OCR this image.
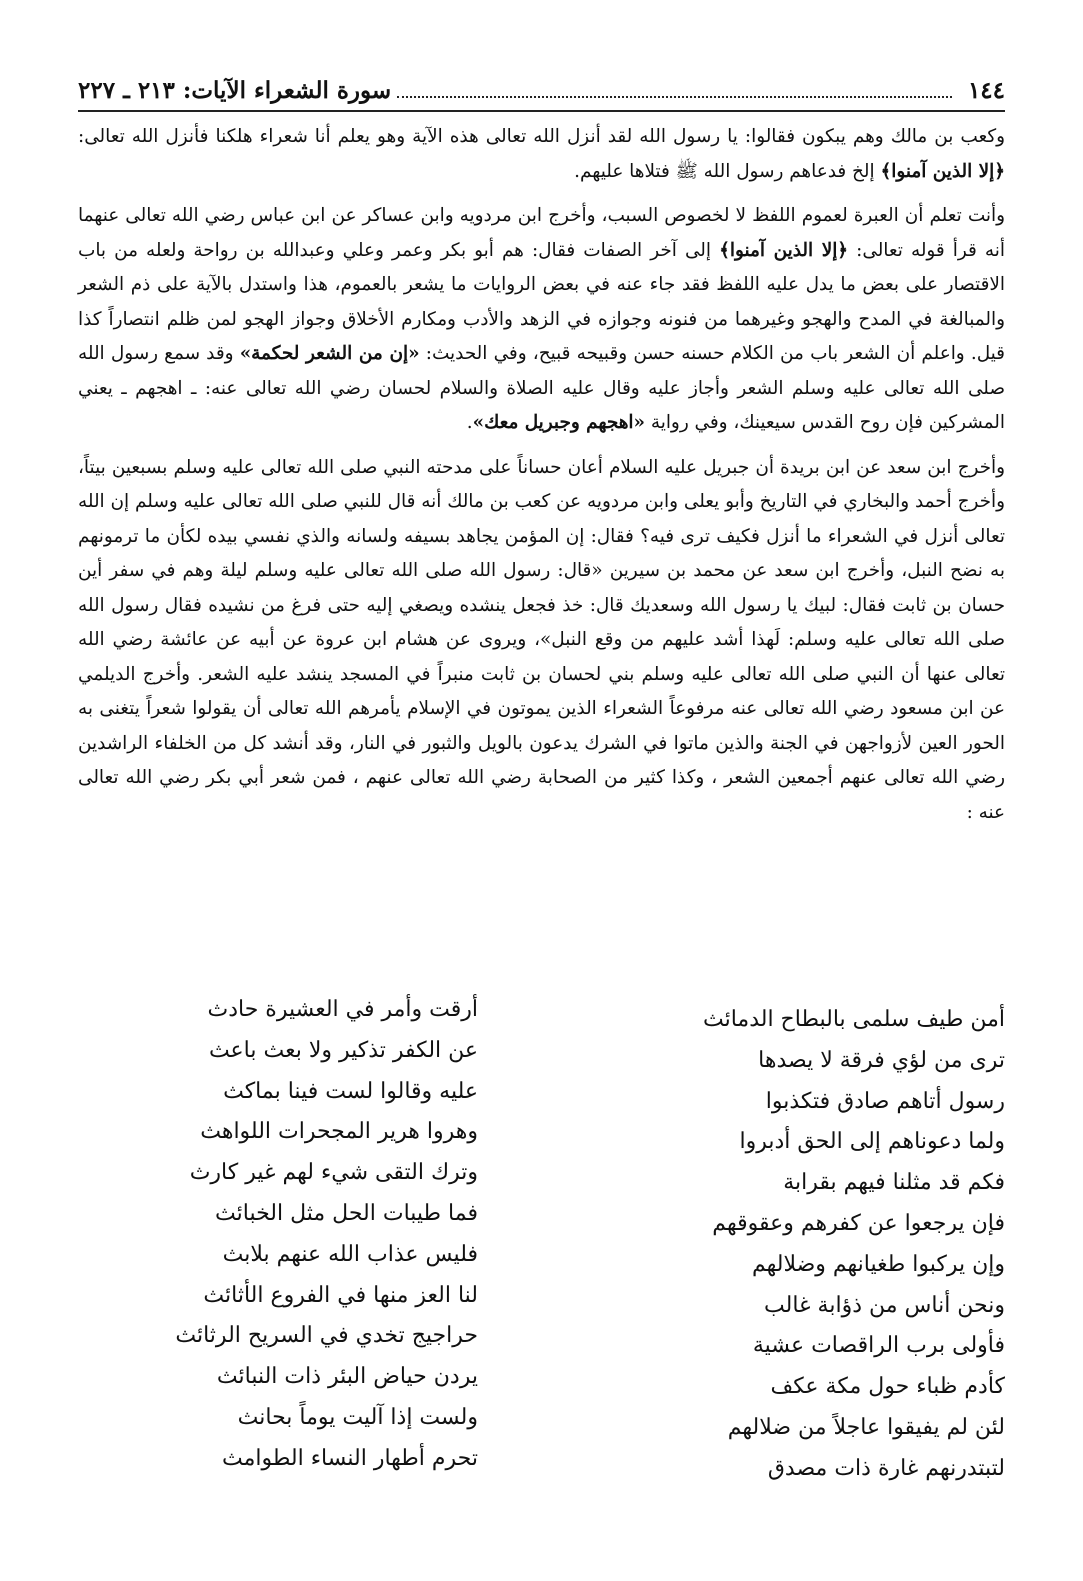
١٤٤
سورة الشعراء الآيات: ٢١٣ ـ ٢٢٧

وكعب بن مالك وهم يبكون فقالوا: يا رسول الله لقد أنزل الله تعالى هذه الآية وهو يعلم أنا شعراء هلكنا فأنزل الله تعالى: ﴿إلا الذين آمنوا﴾ إلخ فدعاهم رسول الله ﷺ فتلاها عليهم.

وأنت تعلم أن العبرة لعموم اللفظ لا لخصوص السبب، وأخرج ابن مردويه وابن عساكر عن ابن عباس رضي الله تعالى عنهما أنه قرأ قوله تعالى: ﴿إلا الذين آمنوا﴾ إلى آخر الصفات فقال: هم أبو بكر وعمر وعلي وعبدالله بن رواحة ولعله من باب الاقتصار على بعض ما يدل عليه اللفظ فقد جاء عنه في بعض الروايات ما يشعر بالعموم، هذا واستدل بالآية على ذم الشعر والمبالغة في المدح والهجو وغيرهما من فنونه وجوازه في الزهد والأدب ومكارم الأخلاق وجواز الهجو لمن ظلم انتصاراً كذا قيل. واعلم أن الشعر باب من الكلام حسنه حسن وقبيحه قبيح، وفي الحديث: «إن من الشعر لحكمة» وقد سمع رسول الله صلى الله تعالى عليه وسلم الشعر وأجاز عليه وقال عليه الصلاة والسلام لحسان رضي الله تعالى عنه: ـ اهجهم ـ يعني المشركين فإن روح القدس سيعينك، وفي رواية «اهجهم وجبريل معك».

وأخرج ابن سعد عن ابن بريدة أن جبريل عليه السلام أعان حساناً على مدحته النبي صلى الله تعالى عليه وسلم بسبعين بيتاً، وأخرج أحمد والبخاري في التاريخ وأبو يعلى وابن مردويه عن كعب بن مالك أنه قال للنبي صلى الله تعالى عليه وسلم إن الله تعالى أنزل في الشعراء ما أنزل فكيف ترى فيه؟ فقال: إن المؤمن يجاهد بسيفه ولسانه والذي نفسي بيده لكأن ما ترمونهم به نضح النبل، وأخرج ابن سعد عن محمد بن سيرين «قال: رسول الله صلى الله تعالى عليه وسلم ليلة وهم في سفر أين حسان بن ثابت فقال: لبيك يا رسول الله وسعديك قال: خذ فجعل ينشده ويصغي إليه حتى فرغ من نشيده فقال رسول الله صلى الله تعالى عليه وسلم: لَهذا أشد عليهم من وقع النبل»، ويروى عن هشام ابن عروة عن أبيه عن عائشة رضي الله تعالى عنها أن النبي صلى الله تعالى عليه وسلم بني لحسان بن ثابت منبراً في المسجد ينشد عليه الشعر. وأخرج الديلمي عن ابن مسعود رضي الله تعالى عنه مرفوعاً الشعراء الذين يموتون في الإسلام يأمرهم الله تعالى أن يقولوا شعراً يتغنى به الحور العين لأزواجهن في الجنة والذين ماتوا في الشرك يدعون بالويل والثبور في النار، وقد أنشد كل من الخلفاء الراشدين رضي الله تعالى عنهم أجمعين الشعر ، وكذا كثير من الصحابة رضي الله تعالى عنهم ، فمن شعر أبي بكر رضي الله تعالى عنه :

أمن طيف سلمى بالبطاح الدمائث
ترى من لؤي فرقة لا يصدها
رسول أتاهم صادق فتكذبوا
ولما دعوناهم إلى الحق أدبروا
فكم قد مثلنا فيهم بقرابة
فإن يرجعوا عن كفرهم وعقوقهم
وإن يركبوا طغيانهم وضلالهم
ونحن أناس من ذؤابة غالب
فأولى برب الراقصات عشية
كأدم ظباء حول مكة عكف
لئن لم يفيقوا عاجلاً من ضلالهم
لتبتدرنهم غارة ذات مصدق
أرقت وأمر في العشيرة حادث
عن الكفر تذكير ولا بعث باعث
عليه وقالوا لست فينا بماكث
وهروا هرير المجحرات اللواهث
وترك التقى شيء لهم غير كارث
فما طيبات الحل مثل الخبائث
فليس عذاب الله عنهم بلابث
لنا العز منها في الفروع الأثائث
حراجيج تخدي في السريح الرثائث
يردن حياض البئر ذات النبائث
ولست إذا آليت يوماً بحانث
تحرم أطهار النساء الطوامث
